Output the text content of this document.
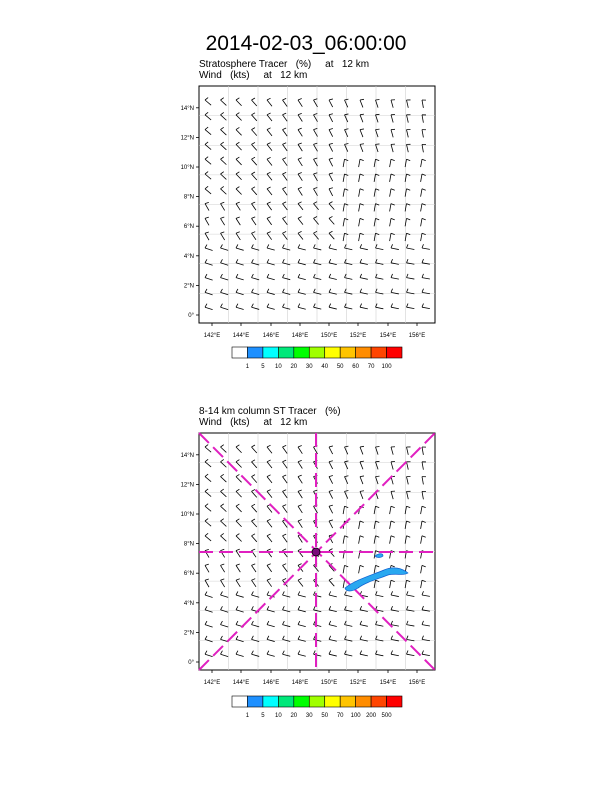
2014-02-03_06:00:00
Stratosphere Tracer   (%)     at   12 km
Wind   (kts)     at   12 km
8-14 km column ST Tracer   (%)
Wind   (kts)     at   12 km
142°E 144°E 146°E 148°E 150°E 152°E 154°E 156°E
0°
2°N
4°N
6°N
8°N
10°N
12°N
14°N
1 5 10 20 30 40 50 60 70 100
142°E 144°E 146°E 148°E 150°E 152°E 154°E 156°E
0°
2°N
4°N
6°N
8°N
10°N
12°N
14°N
1 5 10 20 30 50 70 100 200 500
